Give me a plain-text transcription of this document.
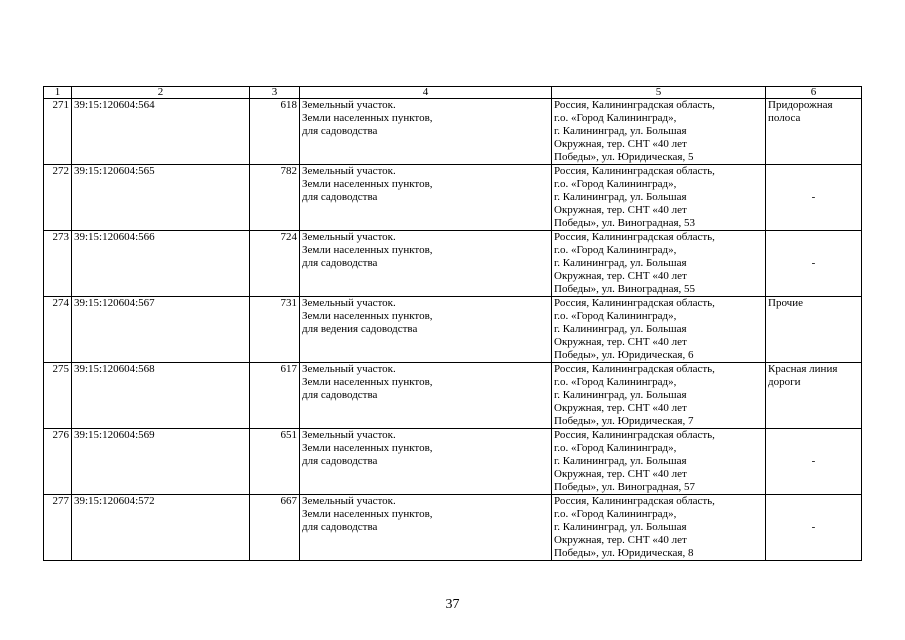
1	2	3	4	5	6
271	39:15:120604:564	618	Земельный участок.
Земли населенных пунктов,
для садоводства	Россия, Калининградская область,
г.о. «Город Калининград»,
г. Калининград, ул. Большая
Окружная, тер. СНТ «40 лет
Победы», ул. Юридическая, 5	Придорожная
полоса
272	39:15:120604:565	782	Земельный участок.
Земли населенных пунктов,
для садоводства	Россия, Калининградская область,
г.о. «Город Калининград»,
г. Калининград, ул. Большая
Окружная, тер. СНТ «40 лет
Победы», ул. Виноградная, 53	-
273	39:15:120604:566	724	Земельный участок.
Земли населенных пунктов,
для садоводства	Россия, Калининградская область,
г.о. «Город Калининград»,
г. Калининград, ул. Большая
Окружная, тер. СНТ «40 лет
Победы», ул. Виноградная, 55	-
274	39:15:120604:567	731	Земельный участок.
Земли населенных пунктов,
для ведения садоводства	Россия, Калининградская область,
г.о. «Город Калининград»,
г. Калининград, ул. Большая
Окружная, тер. СНТ «40 лет
Победы», ул. Юридическая, 6	Прочие
275	39:15:120604:568	617	Земельный участок.
Земли населенных пунктов,
для садоводства	Россия, Калининградская область,
г.о. «Город Калининград»,
г. Калининград, ул. Большая
Окружная, тер. СНТ «40 лет
Победы», ул. Юридическая, 7	Красная линия
дороги
276	39:15:120604:569	651	Земельный участок.
Земли населенных пунктов,
для садоводства	Россия, Калининградская область,
г.о. «Город Калининград»,
г. Калининград, ул. Большая
Окружная, тер. СНТ «40 лет
Победы», ул. Виноградная, 57	-
277	39:15:120604:572	667	Земельный участок.
Земли населенных пунктов,
для садоводства	Россия, Калининградская область,
г.о. «Город Калининград»,
г. Калининград, ул. Большая
Окружная, тер. СНТ «40 лет
Победы», ул. Юридическая, 8	-
37
